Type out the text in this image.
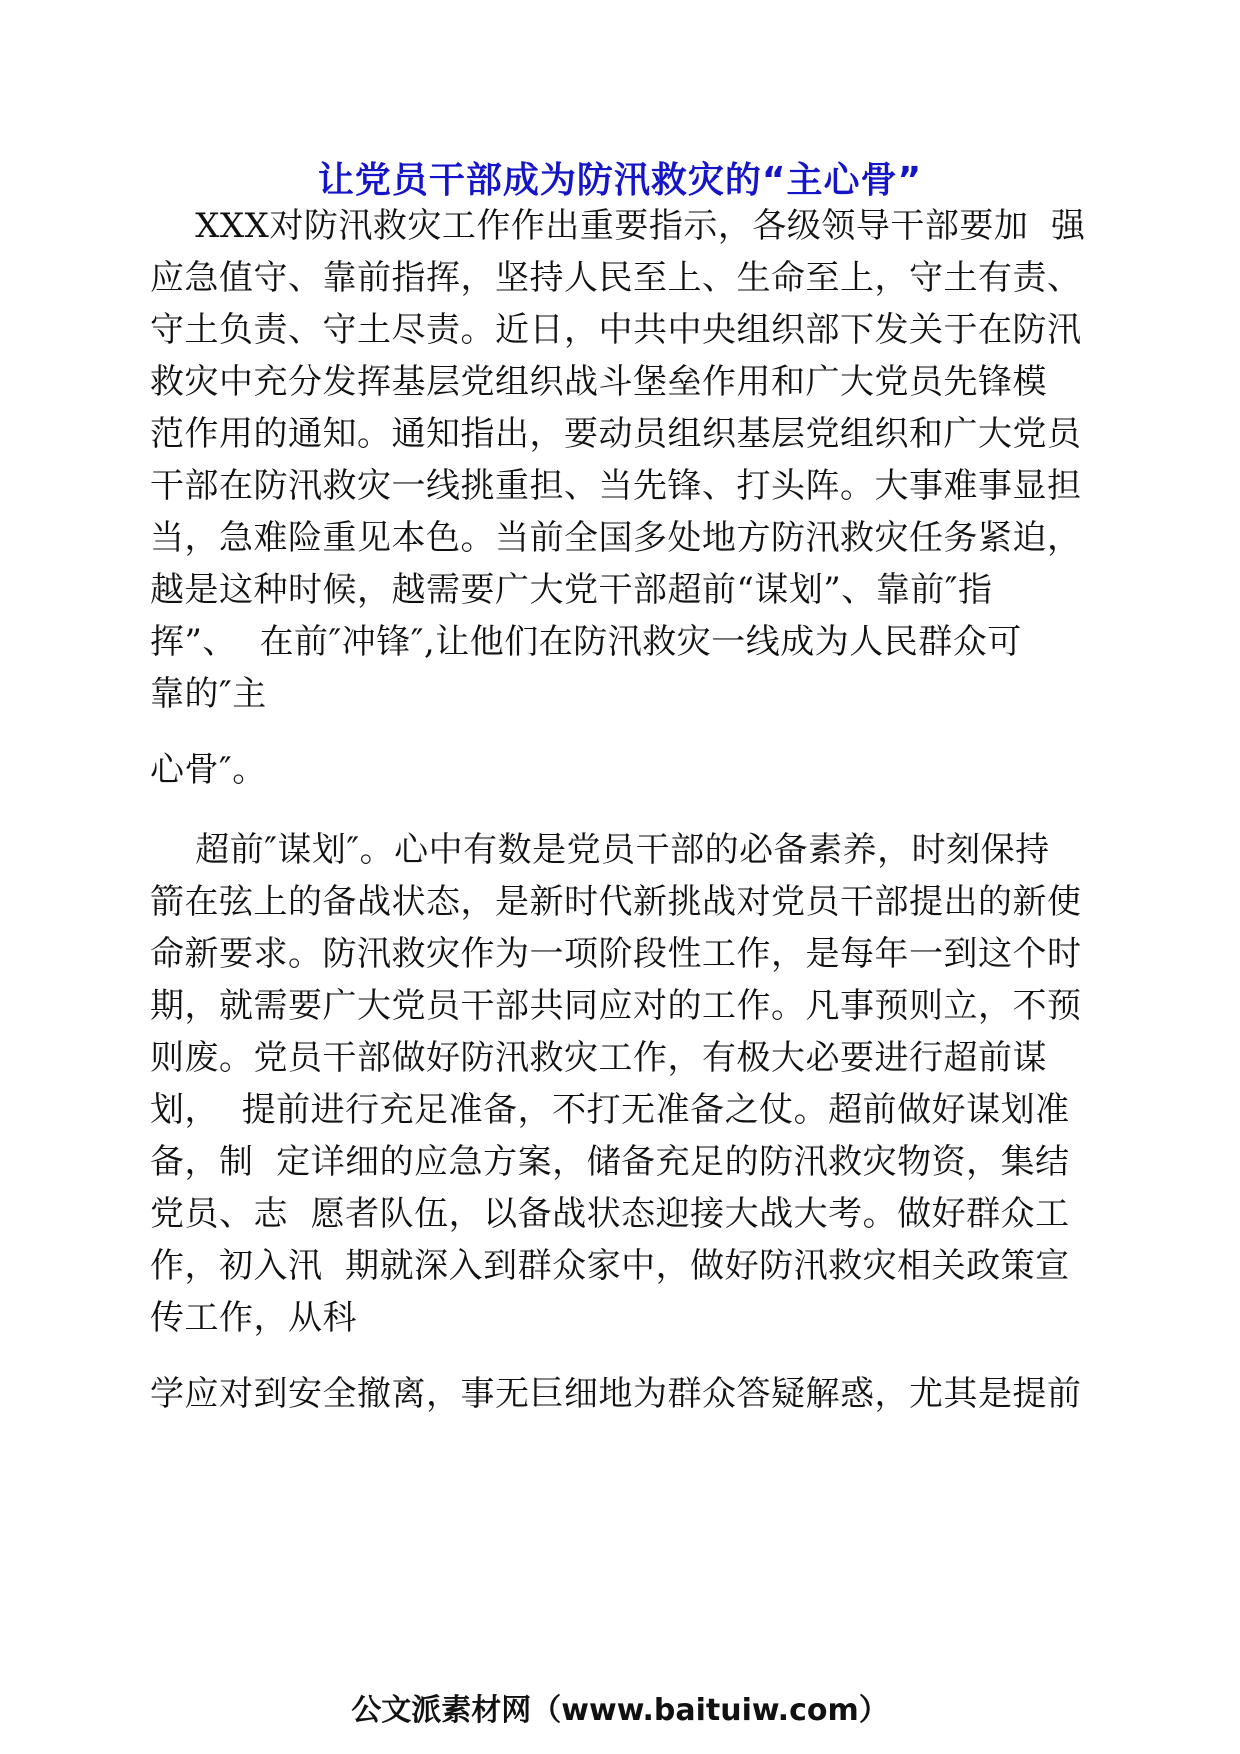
让党员干部成为防汛救灾的“主心骨”
XXX对防汛救灾工作作出重要指示，各级领导干部要加  强
应急值守、靠前指挥，坚持人民至上、生命至上，守土有责、
守土负责、守土尽责。近日，中共中央组织部下发关于在防汛
救灾中充分发挥基层党组织战斗堡垒作用和广大党员先锋模
范作用的通知。通知指出，要动员组织基层党组织和广大党员
干部在防汛救灾一线挑重担、当先锋、打头阵。大事难事显担
当，急难险重见本色。当前全国多处地方防汛救灾任务紧迫，
越是这种时候，越需要广大党干部超前“谋划”、靠前″指
挥”、  在前″冲锋″,让他们在防汛救灾一线成为人民群众可
靠的″主
心骨″。
超前″谋划″。心中有数是党员干部的必备素养，时刻保持
箭在弦上的备战状态，是新时代新挑战对党员干部提出的新使
命新要求。防汛救灾作为一项阶段性工作，是每年一到这个时
期，就需要广大党员干部共同应对的工作。凡事预则立，不预
则废。党员干部做好防汛救灾工作，有极大必要进行超前谋
划，  提前进行充足准备，不打无准备之仗。超前做好谋划准
备，制  定详细的应急方案，储备充足的防汛救灾物资，集结
党员、志  愿者队伍，以备战状态迎接大战大考。做好群众工
作，初入汛  期就深入到群众家中，做好防汛救灾相关政策宣
传工作，从科
学应对到安全撤离，事无巨细地为群众答疑解惑，尤其是提前
公文派素材网（www.baituiw.com）
